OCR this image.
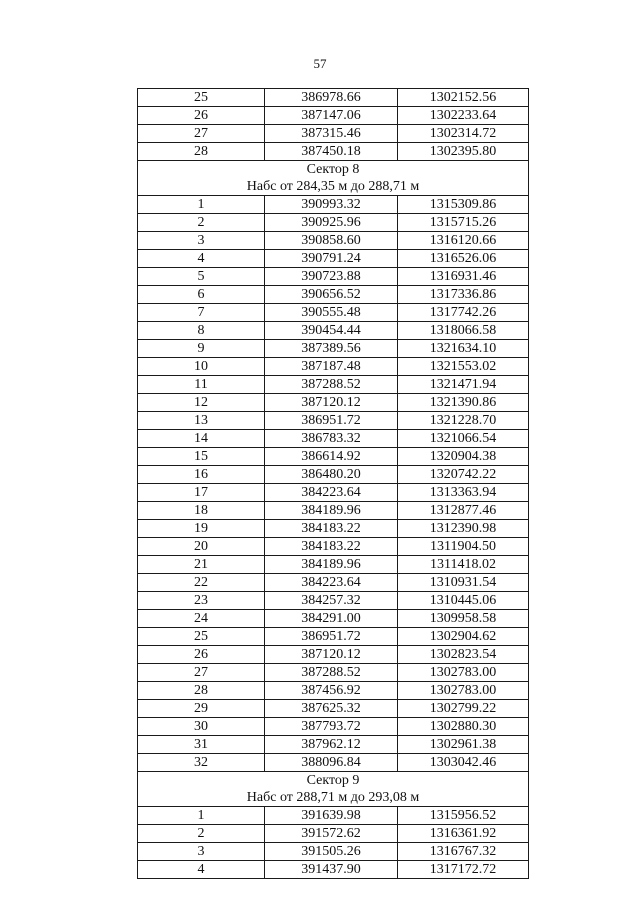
57
25	386978.66	1302152.56
26	387147.06	1302233.64
27	387315.46	1302314.72
28	387450.18	1302395.80

Сектор 8
Набс от 284,35 м до 288,71 м		

1	390993.32	1315309.86
2	390925.96	1315715.26
3	390858.60	1316120.66
4	390791.24	1316526.06
5	390723.88	1316931.46
6	390656.52	1317336.86
7	390555.48	1317742.26
8	390454.44	1318066.58
9	387389.56	1321634.10
10	387187.48	1321553.02
11	387288.52	1321471.94
12	387120.12	1321390.86
13	386951.72	1321228.70
14	386783.32	1321066.54
15	386614.92	1320904.38
16	386480.20	1320742.22
17	384223.64	1313363.94
18	384189.96	1312877.46
19	384183.22	1312390.98
20	384183.22	1311904.50
21	384189.96	1311418.02
22	384223.64	1310931.54
23	384257.32	1310445.06
24	384291.00	1309958.58
25	386951.72	1302904.62
26	387120.12	1302823.54
27	387288.52	1302783.00
28	387456.92	1302783.00
29	387625.32	1302799.22
30	387793.72	1302880.30
31	387962.12	1302961.38
32	388096.84	1303042.46

Сектор 9
Набс от 288,71 м до 293,08 м		

1	391639.98	1315956.52
2	391572.62	1316361.92
3	391505.26	1316767.32
4	391437.90	1317172.72
